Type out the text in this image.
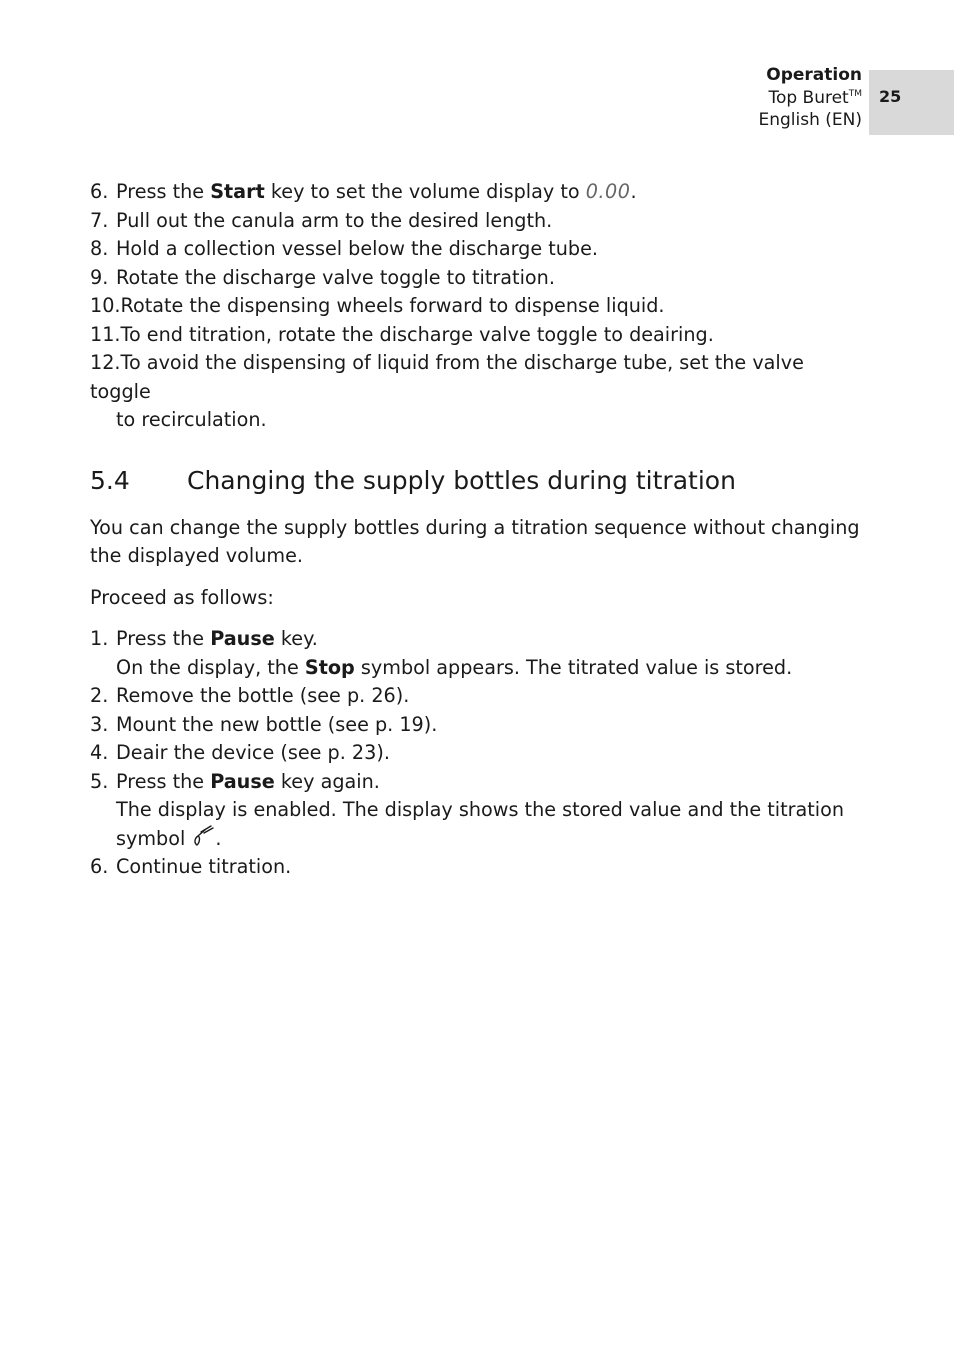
Operation
Top Buret™
English (EN)
25
6. Press the Start key to set the volume display to 0.00.
7. Pull out the canula arm to the desired length.
8. Hold a collection vessel below the discharge tube.
9. Rotate the discharge valve toggle to titration.
10.Rotate the dispensing wheels forward to dispense liquid.
11.To end titration, rotate the discharge valve toggle to deairing.
12.To avoid the dispensing of liquid from the discharge tube, set the valve toggle
to recirculation.
5.4 Changing the supply bottles during titration

You can change the supply bottles during a titration sequence without changing the displayed volume.

Proceed as follows:

1. Press the Pause key.
On the display, the Stop symbol appears. The titrated value is stored.
2. Remove the bottle (see p. 26).
3. Mount the new bottle (see p. 19).
4. Deair the device (see p. 23).
5. Press the Pause key again.
The display is enabled. The display shows the stored value and the titration
symbol .
6. Continue titration.
